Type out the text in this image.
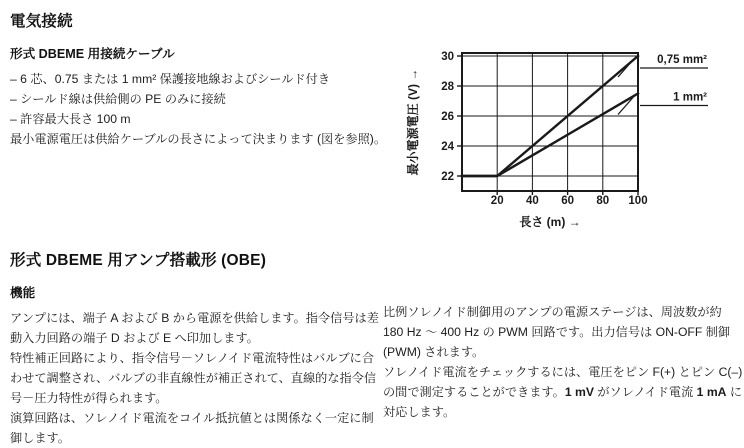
電気接続
形式 DBEME 用接続ケーブル

– 6 芯、0.75 または 1 mm² 保護接地線およびシールド付き

– シールド線は供給側の PE のみに接続

– 許容最大長さ 100 m

最小電源電圧は供給ケーブルの長さによって決まります (図を参照)。

20 40 60 80 100
22
24
26
28
30	0,75 mm²
1 mm²
長さ (m) →
最小電源電圧 (V) →
形式 DBEME 用アンプ搭載形 (OBE)
機能

アンプには、端子 A および B から電源を供給します。指令信号は差動入力回路の端子 D および E へ印加します。

特性補正回路により、指令信号－ソレノイド電流特性はバルブに合わせて調整され、バルブの非直線性が補正されて、直線的な指令信号－圧力特性が得られます。

演算回路は、ソレノイド電流をコイル抵抗値とは関係なく一定に制御します。

比例ソレノイド制御用のアンプの電源ステージは、周波数が約 180 Hz ～ 400 Hz の PWM 回路です。出力信号は ON-OFF 制御 (PWM) されます。

ソレノイド電流をチェックするには、電圧をピン F(+) とピン C(–) の間で測定することができます。1 mV がソレノイド電流 1 mA に対応します。
